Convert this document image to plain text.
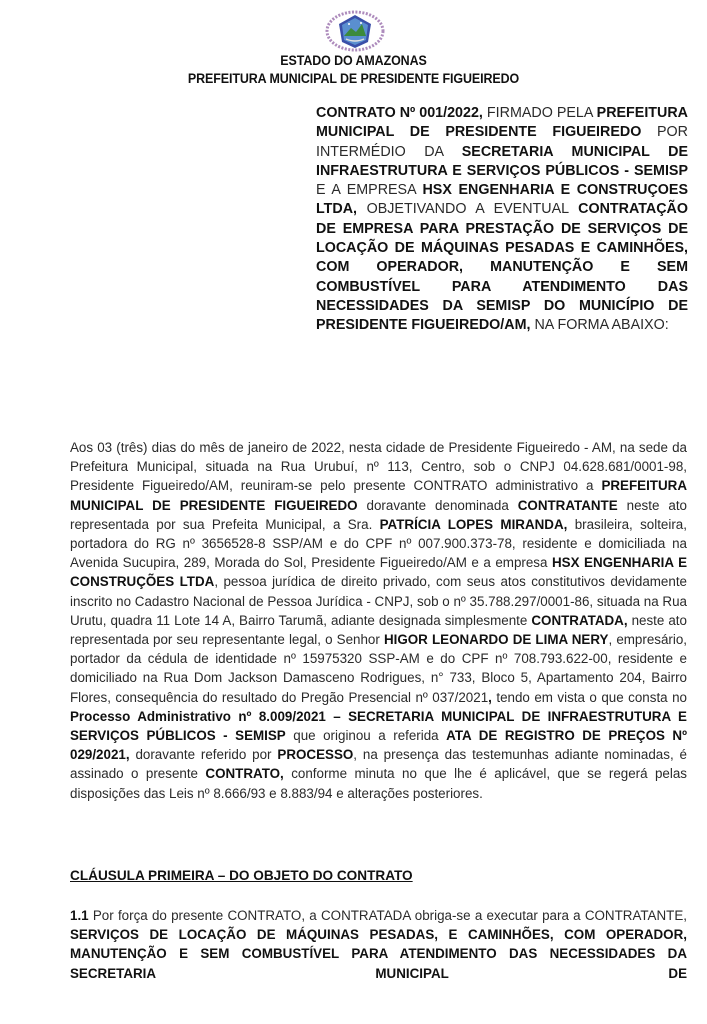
ESTADO DO AMAZONAS
PREFEITURA MUNICIPAL DE PRESIDENTE FIGUEIREDO
CONTRATO Nº 001/2022, FIRMADO PELA PREFEITURA MUNICIPAL DE PRESIDENTE FIGUEIREDO POR INTERMÉDIO DA SECRETARIA MUNICIPAL DE INFRAESTRUTURA E SERVIÇOS PÚBLICOS - SEMISP E A EMPRESA HSX ENGENHARIA E CONSTRUÇOES LTDA, OBJETIVANDO A EVENTUAL CONTRATAÇÃO DE EMPRESA PARA PRESTAÇÃO DE SERVIÇOS DE LOCAÇÃO DE MÁQUINAS PESADAS E CAMINHÕES, COM OPERADOR, MANUTENÇÃO E SEM COMBUSTÍVEL PARA ATENDIMENTO DAS NECESSIDADES DA SEMISP DO MUNICÍPIO DE PRESIDENTE FIGUEIREDO/AM, NA FORMA ABAIXO:
Aos 03 (três) dias do mês de janeiro de 2022, nesta cidade de Presidente Figueiredo - AM, na sede da Prefeitura Municipal, situada na Rua Urubuí, nº 113, Centro, sob o CNPJ 04.628.681/0001-98, Presidente Figueiredo/AM, reuniram-se pelo presente CONTRATO administrativo a PREFEITURA MUNICIPAL DE PRESIDENTE FIGUEIREDO doravante denominada CONTRATANTE neste ato representada por sua Prefeita Municipal, a Sra. PATRÍCIA LOPES MIRANDA, brasileira, solteira, portadora do RG nº 3656528-8 SSP/AM e do CPF nº 007.900.373-78, residente e domiciliada na Avenida Sucupira, 289, Morada do Sol, Presidente Figueiredo/AM e a empresa HSX ENGENHARIA E CONSTRUÇÕES LTDA, pessoa jurídica de direito privado, com seus atos constitutivos devidamente inscrito no Cadastro Nacional de Pessoa Jurídica - CNPJ, sob o nº 35.788.297/0001-86, situada na Rua Urutu, quadra 11 Lote 14 A, Bairro Tarumã, adiante designada simplesmente CONTRATADA, neste ato representada por seu representante legal, o Senhor HIGOR LEONARDO DE LIMA NERY, empresário, portador da cédula de identidade nº 15975320 SSP-AM e do CPF nº 708.793.622-00, residente e domiciliado na Rua Dom Jackson Damasceno Rodrigues, n° 733, Bloco 5, Apartamento 204, Bairro Flores, consequência do resultado do Pregão Presencial nº 037/2021, tendo em vista o que consta no Processo Administrativo nº 8.009/2021 – SECRETARIA MUNICIPAL DE INFRAESTRUTURA E SERVIÇOS PÚBLICOS - SEMISP que originou a referida ATA DE REGISTRO DE PREÇOS Nº 029/2021, doravante referido por PROCESSO, na presença das testemunhas adiante nominadas, é assinado o presente CONTRATO, conforme minuta no que lhe é aplicável, que se regerá pelas disposições das Leis nº 8.666/93 e 8.883/94 e alterações posteriores.
CLÁUSULA PRIMEIRA – DO OBJETO DO CONTRATO
1.1 Por força do presente CONTRATO, a CONTRATADA obriga-se a executar para a CONTRATANTE, SERVIÇOS DE LOCAÇÃO DE MÁQUINAS PESADAS, E CAMINHÕES, COM OPERADOR, MANUTENÇÃO E SEM COMBUSTÍVEL PARA ATENDIMENTO DAS NECESSIDADES DA SECRETARIA MUNICIPAL DE
